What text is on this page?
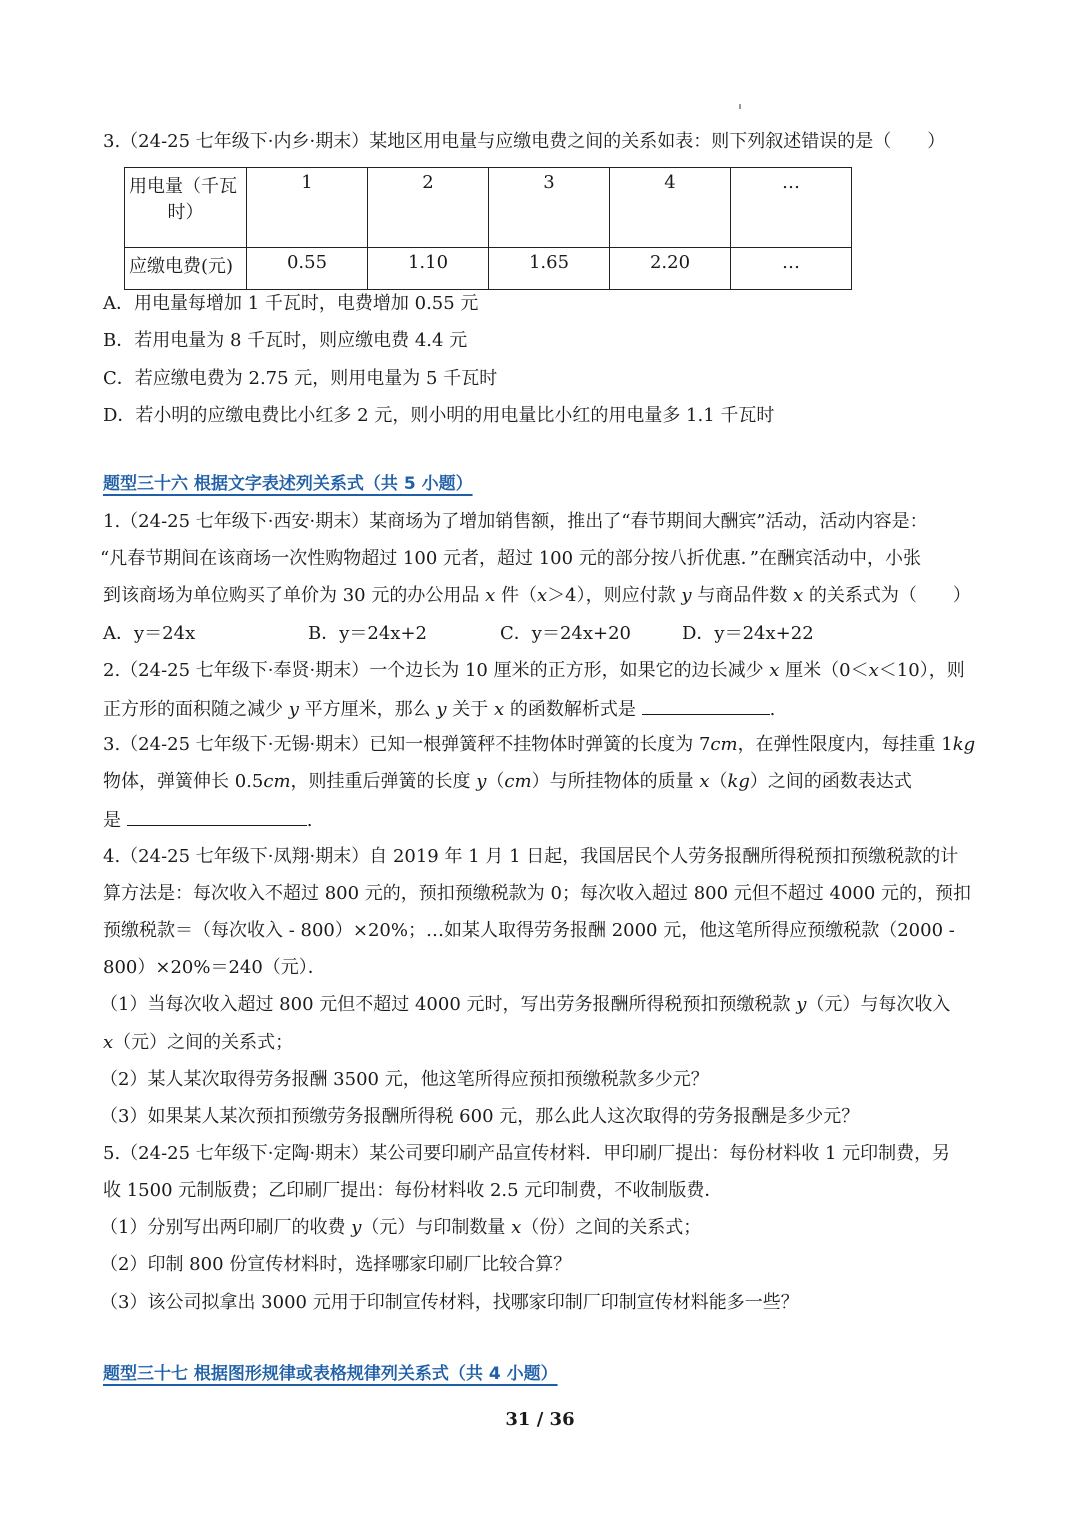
3.（24-25 七年级下·内乡·期末）某地区用电量与应缴电费之间的关系如表：则下列叙述错误的是（　　）
用电量（千瓦
时）	1	2	3	4	…
应缴电费(元)	0.55	1.10	1.65	2.20	…
A．用电量每增加 1 千瓦时，电费增加 0.55 元
B．若用电量为 8 千瓦时，则应缴电费 4.4 元
C．若应缴电费为 2.75 元，则用电量为 5 千瓦时
D．若小明的应缴电费比小红多 2 元，则小明的用电量比小红的用电量多 1.1 千瓦时
题型三十六 根据文字表述列关系式（共 5 小题）
1.（24-25 七年级下·西安·期末）某商场为了增加销售额，推出了“春节期间大酬宾”活动，活动内容是：
“凡春节期间在该商场一次性购物超过 100 元者，超过 100 元的部分按八折优惠．”在酬宾活动中，小张
到该商场为单位购买了单价为 30 元的办公用品 x 件（x＞4），则应付款 y 与商品件数 x 的关系式为（　　）
A．y＝24x	B．y＝24x+2	C．y＝24x+20	D．y＝24x+22
2.（24-25 七年级下·奉贤·期末）一个边长为 10 厘米的正方形，如果它的边长减少 x 厘米（0＜x＜10），则
正方形的面积随之减少 y 平方厘米，那么 y 关于 x 的函数解析式是	.
3.（24-25 七年级下·无锡·期末）已知一根弹簧秤不挂物体时弹簧的长度为 7cm，在弹性限度内，每挂重 1kg
物体，弹簧伸长 0.5cm，则挂重后弹簧的长度 y（cm）与所挂物体的质量 x（kg）之间的函数表达式
是	.
4.（24-25 七年级下·凤翔·期末）自 2019 年 1 月 1 日起，我国居民个人劳务报酬所得税预扣预缴税款的计
算方法是：每次收入不超过 800 元的，预扣预缴税款为 0；每次收入超过 800 元但不超过 4000 元的，预扣
预缴税款＝（每次收入 - 800）×20%；…如某人取得劳务报酬 2000 元，他这笔所得应预缴税款（2000 -
800）×20%＝240（元）．
（1）当每次收入超过 800 元但不超过 4000 元时，写出劳务报酬所得税预扣预缴税款 y（元）与每次收入
x（元）之间的关系式；
（2）某人某次取得劳务报酬 3500 元，他这笔所得应预扣预缴税款多少元？
（3）如果某人某次预扣预缴劳务报酬所得税 600 元，那么此人这次取得的劳务报酬是多少元？
5.（24-25 七年级下·定陶·期末）某公司要印刷产品宣传材料．甲印刷厂提出：每份材料收 1 元印制费，另
收 1500 元制版费；乙印刷厂提出：每份材料收 2.5 元印制费，不收制版费．
（1）分别写出两印刷厂的收费 y（元）与印制数量 x（份）之间的关系式；
（2）印制 800 份宣传材料时，选择哪家印刷厂比较合算？
（3）该公司拟拿出 3000 元用于印制宣传材料，找哪家印制厂印制宣传材料能多一些？
题型三十七 根据图形规律或表格规律列关系式（共 4 小题）
31 / 36
